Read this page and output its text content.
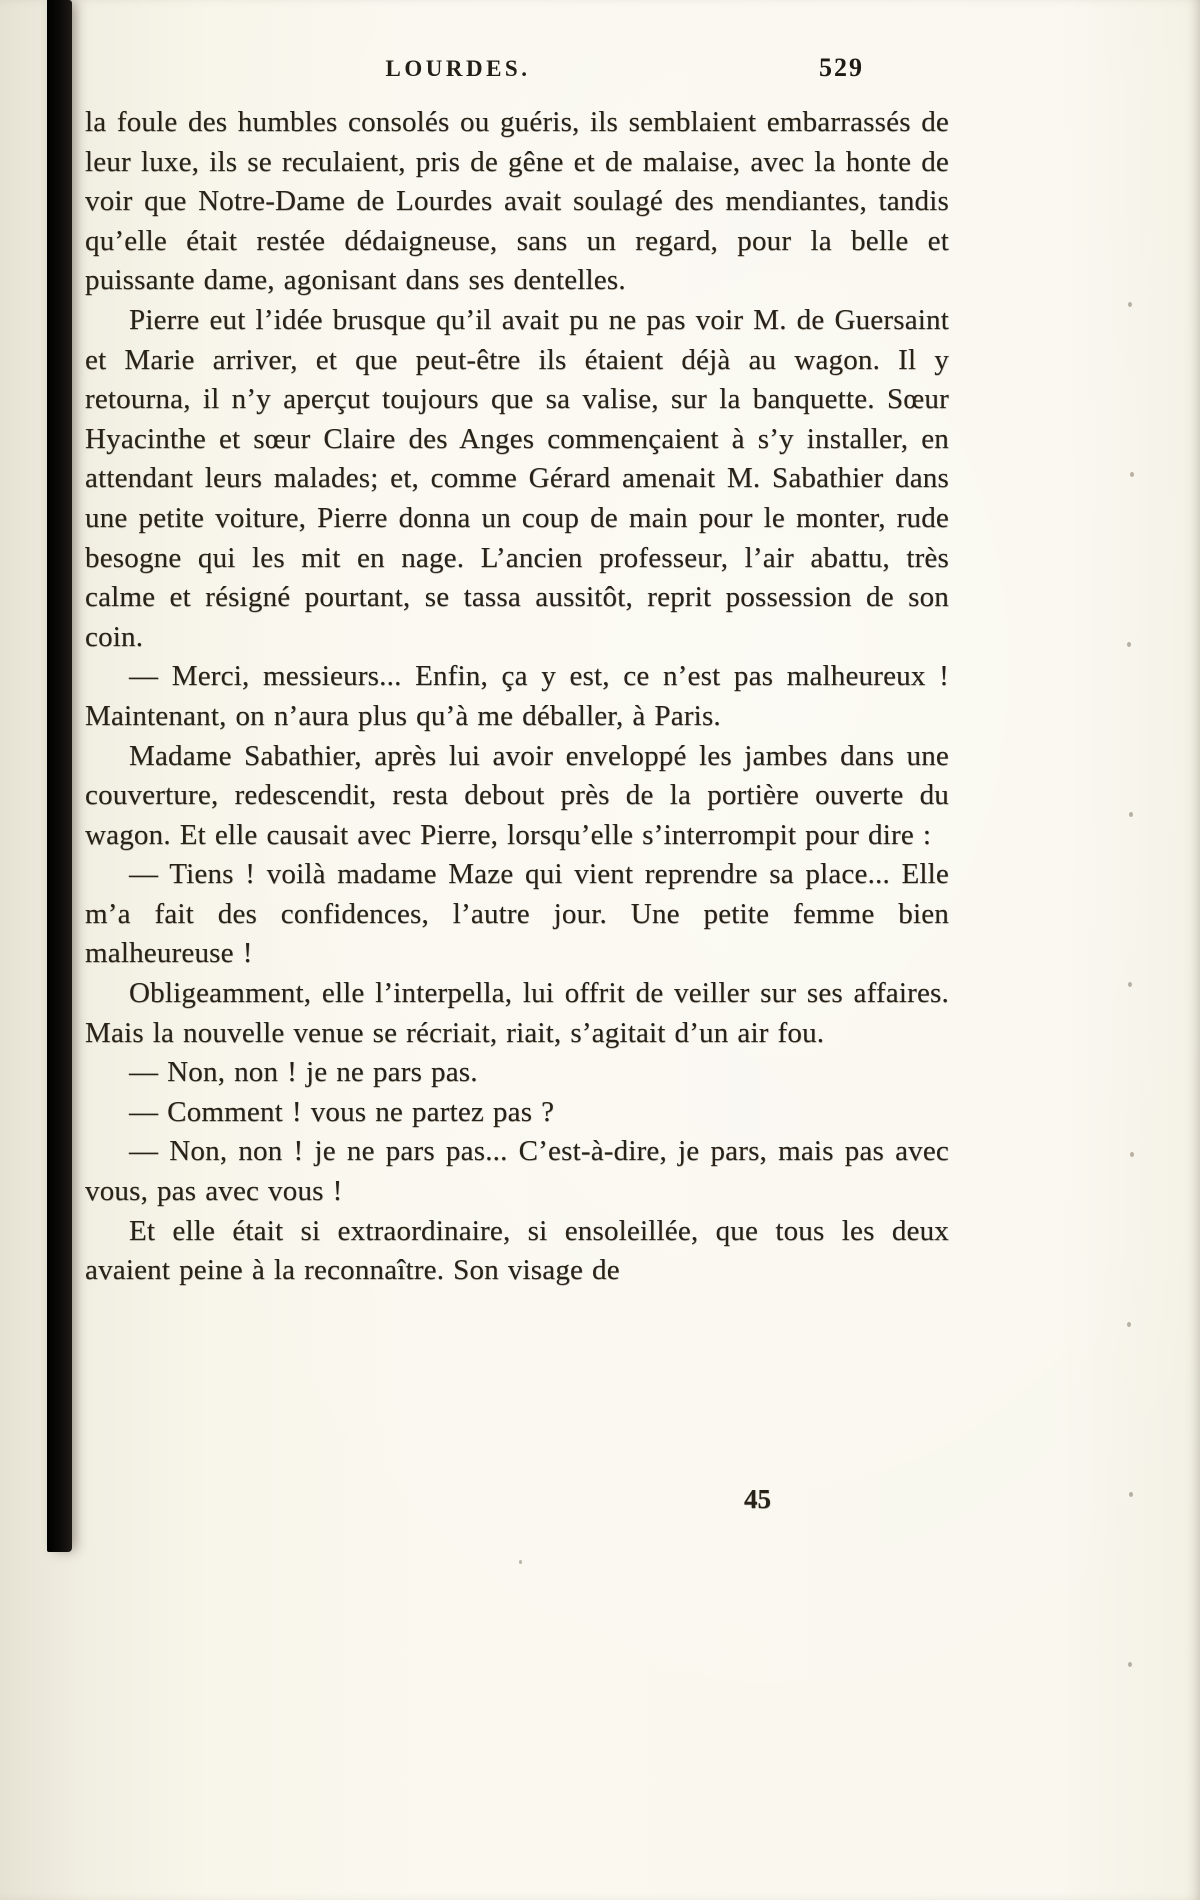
LOURDES.	529

la foule des humbles consolés ou guéris, ils semblaient embarrassés de leur luxe, ils se reculaient, pris de gêne et de malaise, avec la honte de voir que Notre-Dame de Lourdes avait soulagé des mendiantes, tandis qu’elle était restée dédaigneuse, sans un regard, pour la belle et puissante dame, agonisant dans ses dentelles.

Pierre eut l’idée brusque qu’il avait pu ne pas voir M. de Guersaint et Marie arriver, et que peut-être ils étaient déjà au wagon. Il y retourna, il n’y aperçut toujours que sa valise, sur la banquette. Sœur Hyacinthe et sœur Claire des Anges commençaient à s’y installer, en attendant leurs malades; et, comme Gérard amenait M. Sabathier dans une petite voiture, Pierre donna un coup de main pour le monter, rude besogne qui les mit en nage. L’ancien professeur, l’air abattu, très calme et résigné pourtant, se tassa aussitôt, reprit possession de son coin.

— Merci, messieurs... Enfin, ça y est, ce n’est pas malheureux ! Maintenant, on n’aura plus qu’à me déballer, à Paris.

Madame Sabathier, après lui avoir enveloppé les jambes dans une couverture, redescendit, resta debout près de la portière ouverte du wagon. Et elle causait avec Pierre, lorsqu’elle s’interrompit pour dire :

— Tiens ! voilà madame Maze qui vient reprendre sa place... Elle m’a fait des confidences, l’autre jour. Une petite femme bien malheureuse !

Obligeamment, elle l’interpella, lui offrit de veiller sur ses affaires. Mais la nouvelle venue se récriait, riait, s’agitait d’un air fou.

— Non, non ! je ne pars pas.

— Comment ! vous ne partez pas ?

— Non, non ! je ne pars pas... C’est-à-dire, je pars, mais pas avec vous, pas avec vous !

Et elle était si extraordinaire, si ensoleillée, que tous les deux avaient peine à la reconnaître. Son visage de

45
